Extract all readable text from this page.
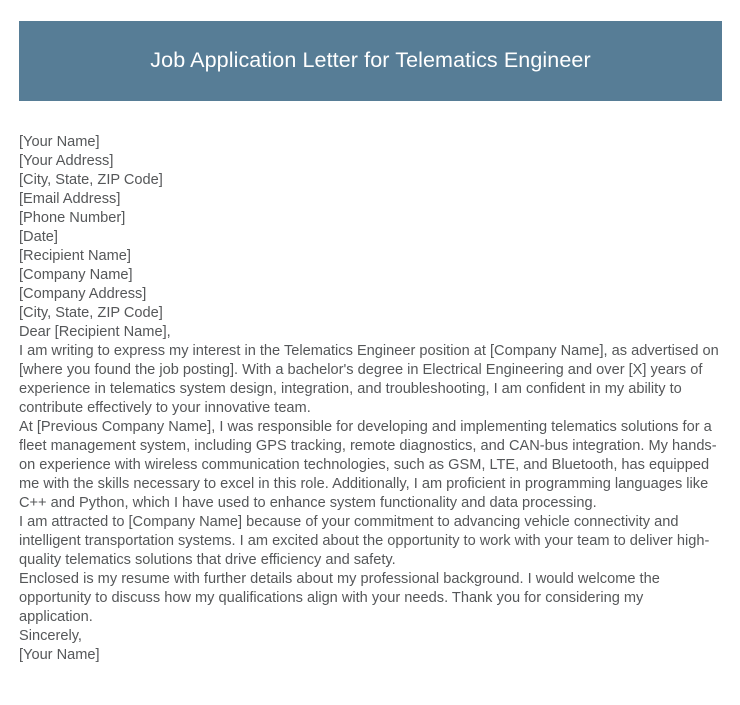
Job Application Letter for Telematics Engineer
[Your Name]
[Your Address]
[City, State, ZIP Code]
[Email Address]
[Phone Number]
[Date]
[Recipient Name]
[Company Name]
[Company Address]
[City, State, ZIP Code]
Dear [Recipient Name],

I am writing to express my interest in the Telematics Engineer position at [Company Name], as advertised on [where you found the job posting]. With a bachelor's degree in Electrical Engineering and over [X] years of experience in telematics system design, integration, and troubleshooting, I am confident in my ability to contribute effectively to your innovative team.

At [Previous Company Name], I was responsible for developing and implementing telematics solutions for a fleet management system, including GPS tracking, remote diagnostics, and CAN-bus integration. My hands-on experience with wireless communication technologies, such as GSM, LTE, and Bluetooth, has equipped me with the skills necessary to excel in this role. Additionally, I am proficient in programming languages like C++ and Python, which I have used to enhance system functionality and data processing.

I am attracted to [Company Name] because of your commitment to advancing vehicle connectivity and intelligent transportation systems. I am excited about the opportunity to work with your team to deliver high-quality telematics solutions that drive efficiency and safety.

Enclosed is my resume with further details about my professional background. I would welcome the opportunity to discuss how my qualifications align with your needs. Thank you for considering my application.

Sincerely,
[Your Name]
